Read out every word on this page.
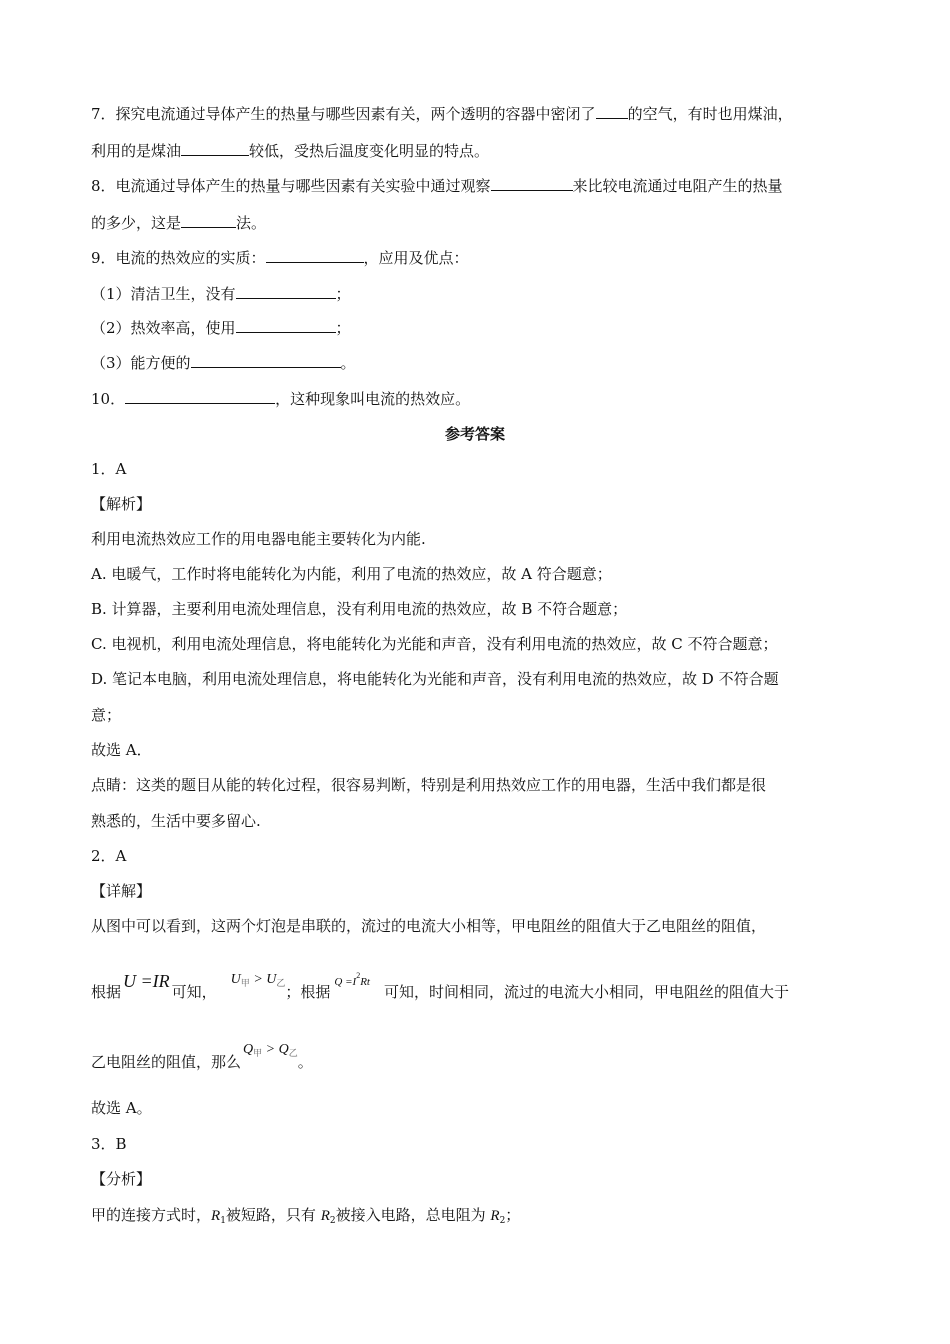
7．探究电流通过导体产生的热量与哪些因素有关，两个透明的容器中密闭了 的空气，有时也用煤油，
利用的是煤油	较低，受热后温度变化明显的特点。
8．电流通过导体产生的热量与哪些因素有关实验中通过观察	来比较电流通过电阻产生的热量
的多少，这是	法。
9．电流的热效应的实质：	，应用及优点：
（1）清洁卫生，没有	；
（2）热效率高，使用	；
（3）能方便的	。
10．	，这种现象叫电流的热效应。
参考答案
1．A
【解析】
利用电流热效应工作的用电器电能主要转化为内能.
A. 电暖气，工作时将电能转化为内能，利用了电流的热效应，故 A 符合题意；
B. 计算器，主要利用电流处理信息，没有利用电流的热效应，故 B 不符合题意；
C. 电视机，利用电流处理信息，将电能转化为光能和声音，没有利用电流的热效应，故 C 不符合题意；
D. 笔记本电脑，利用电流处理信息，将电能转化为光能和声音，没有利用电流的热效应，故 D 不符合题
意；
故选 A．
点睛：这类的题目从能的转化过程，很容易判断，特别是利用热效应工作的用电器，生活中我们都是很
熟悉的，生活中要多留心.
2．A
【详解】
从图中可以看到，这两个灯泡是串联的，流过的电流大小相等，甲电阻丝的阻值大于乙电阻丝的阻值，
根据U =IR可知，$U_甲 > U_乙$；根据$^{Q =I^2Rt}$可知，时间相同，流过的电流大小相同，甲电阻丝的阻值大于
乙电阻丝的阻值，那么$Q_甲 > Q_乙$。
故选 A。
3．B
【分析】
甲的连接方式时，$R_1$被短路，只有 $R_2$被接入电路，总电阻为 $R_2$；
